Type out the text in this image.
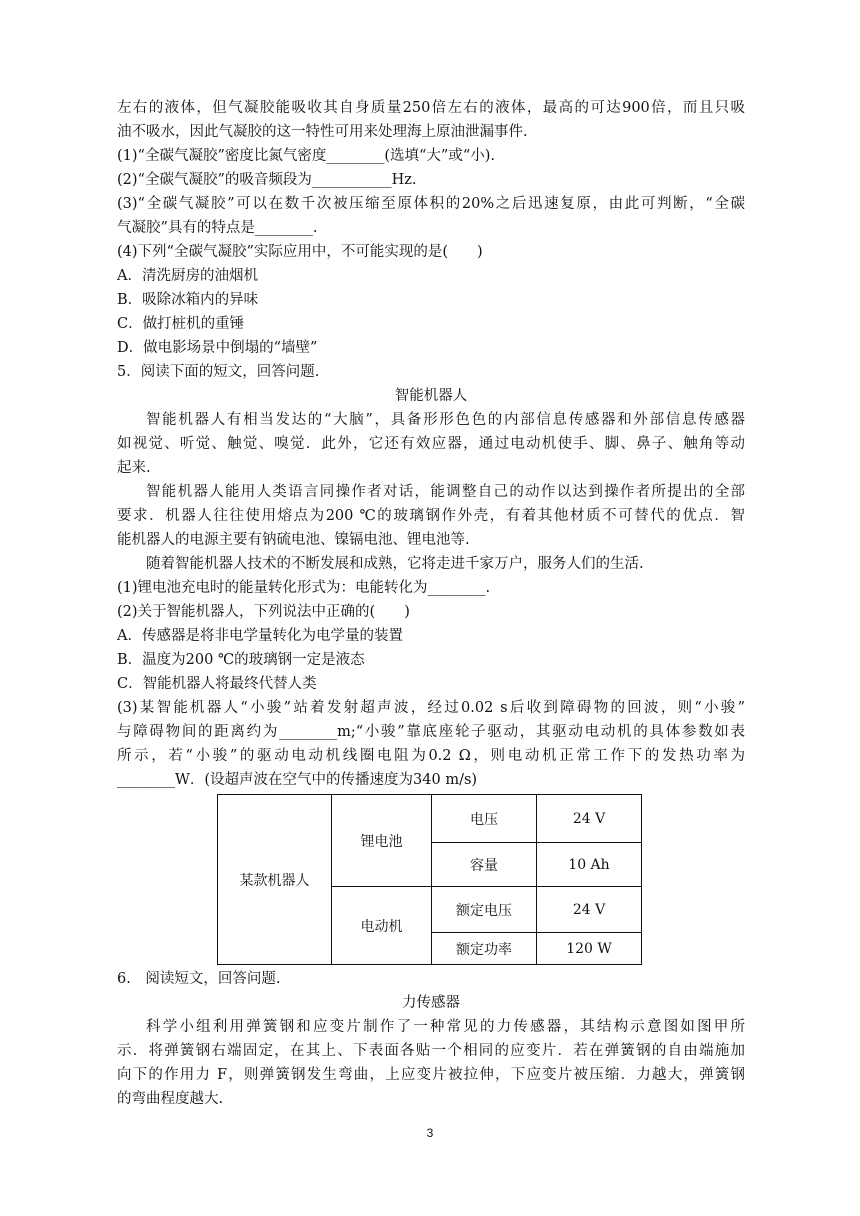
左右的液体，但气凝胶能吸收其自身质量250倍左右的液体，最高的可达900倍，而且只吸
油不吸水，因此气凝胶的这一特性可用来处理海上原油泄漏事件.
(1)“全碳气凝胶”密度比氮气密度________(选填“大”或“小).
(2)“全碳气凝胶”的吸音频段为___________Hz.
(3)“全碳气凝胶”可以在数千次被压缩至原体积的20%之后迅速复原，由此可判断，“全碳
气凝胶”具有的特点是________.
(4)下列“全碳气凝胶”实际应用中，不可能实现的是(　　)
A．清洗厨房的油烟机
B．吸除冰箱内的异味
C．做打桩机的重锤
D．做电影场景中倒塌的“墙壁”
5．阅读下面的短文，回答问题.
智能机器人
智能机器人有相当发达的“大脑”，具备形形色色的内部信息传感器和外部信息传感器
如视觉、听觉、触觉、嗅觉．此外，它还有效应器，通过电动机使手、脚、鼻子、触角等动
起来.
智能机器人能用人类语言同操作者对话，能调整自己的动作以达到操作者所提出的全部
要求．机器人往往使用熔点为200 ℃的玻璃钢作外壳，有着其他材质不可替代的优点．智
能机器人的电源主要有钠硫电池、镍镉电池、锂电池等.
随着智能机器人技术的不断发展和成熟，它将走进千家万户，服务人们的生活.
(1)锂电池充电时的能量转化形式为：电能转化为________.
(2)关于智能机器人，下列说法中正确的(　　)
A．传感器是将非电学量转化为电学量的装置
B．温度为200 ℃的玻璃钢一定是液态
C．智能机器人将最终代替人类
(3)某智能机器人“小骏”站着发射超声波，经过0.02 s后收到障碍物的回波，则“小骏”
与障碍物间的距离约为________m;“小骏”靠底座轮子驱动，其驱动电动机的具体参数如表
所示，若“小骏”的驱动电动机线圈电阻为0.2 Ω，则电动机正常工作下的发热功率为
________W．(设超声波在空气中的传播速度为340 m/s)
某款机器人	锂电池	电压	24 V
		容量	10 Ah
	电动机	额定电压	24 V
		额定功率	120 W
6.　阅读短文，回答问题.
力传感器
科学小组利用弹簧钢和应变片制作了一种常见的力传感器，其结构示意图如图甲所
示．将弹簧钢右端固定，在其上、下表面各贴一个相同的应变片．若在弹簧钢的自由端施加
向下的作用力 F，则弹簧钢发生弯曲，上应变片被拉伸，下应变片被压缩．力越大，弹簧钢
的弯曲程度越大.
3
